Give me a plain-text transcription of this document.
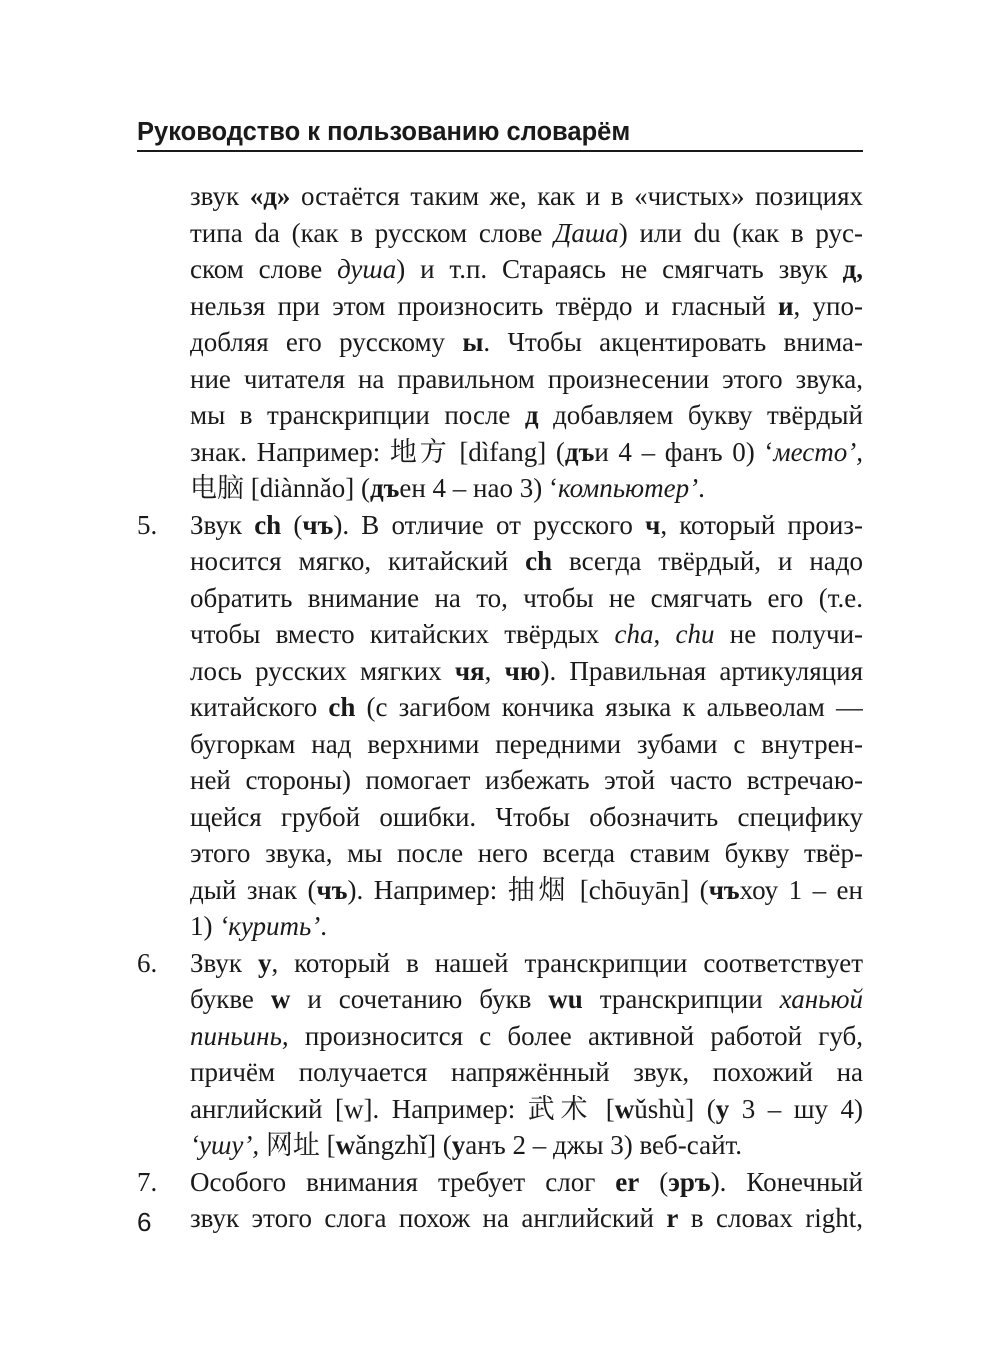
Руководство к пользованию словарём
звук «д» остаётся таким же, как и в «чистых» позициях
типа da (как в русском слове Даша) или du (как в рус-
ском слове душа) и т.п. Стараясь не смягчать звук д,
нельзя при этом произносить твёрдо и гласный и, упо-
добляя его русскому ы. Чтобы акцентировать внима-
ние читателя на правильном произнесении этого звука,
мы в транскрипции после д добавляем букву твёрдый
знак. Например: 地方 [dìfang] (дъи 4 – фанъ 0) ‘место’,
电脑 [diànnǎo] (дъен 4 – нао 3) ‘компьютер’.
5. Звук ch (чъ). В отличие от русского ч, который произ-
носится мягко, китайский ch всегда твёрдый, и надо
обратить внимание на то, чтобы не смягчать его (т.е.
чтобы вместо китайских твёрдых cha, chu не получи-
лось русских мягких чя, чю). Правильная артикуляция
китайского ch (с загибом кончика языка к альвеолам —
бугоркам над верхними передними зубами с внутрен-
ней стороны) помогает избежать этой часто встречаю-
щейся грубой ошибки. Чтобы обозначить специфику
этого звука, мы после него всегда ставим букву твёр-
дый знак (чъ). Например: 抽烟 [chōuyān] (чъхоу 1 – ен
1) ‘курить’.
6. Звук у, который в нашей транскрипции соответствует
букве w и сочетанию букв wu транскрипции ханьюй
пиньинь, произносится с более активной работой губ,
причём получается напряжённый звук, похожий на
английский [w]. Например: 武术 [wǔshù] (у 3 – шу 4)
‘ушу’, 网址 [wǎngzhǐ] (уанъ 2 – джы 3) веб-сайт.
7. Особого внимания требует слог er (эръ). Конечный
звук этого слога похож на английский r в словах right,
6
